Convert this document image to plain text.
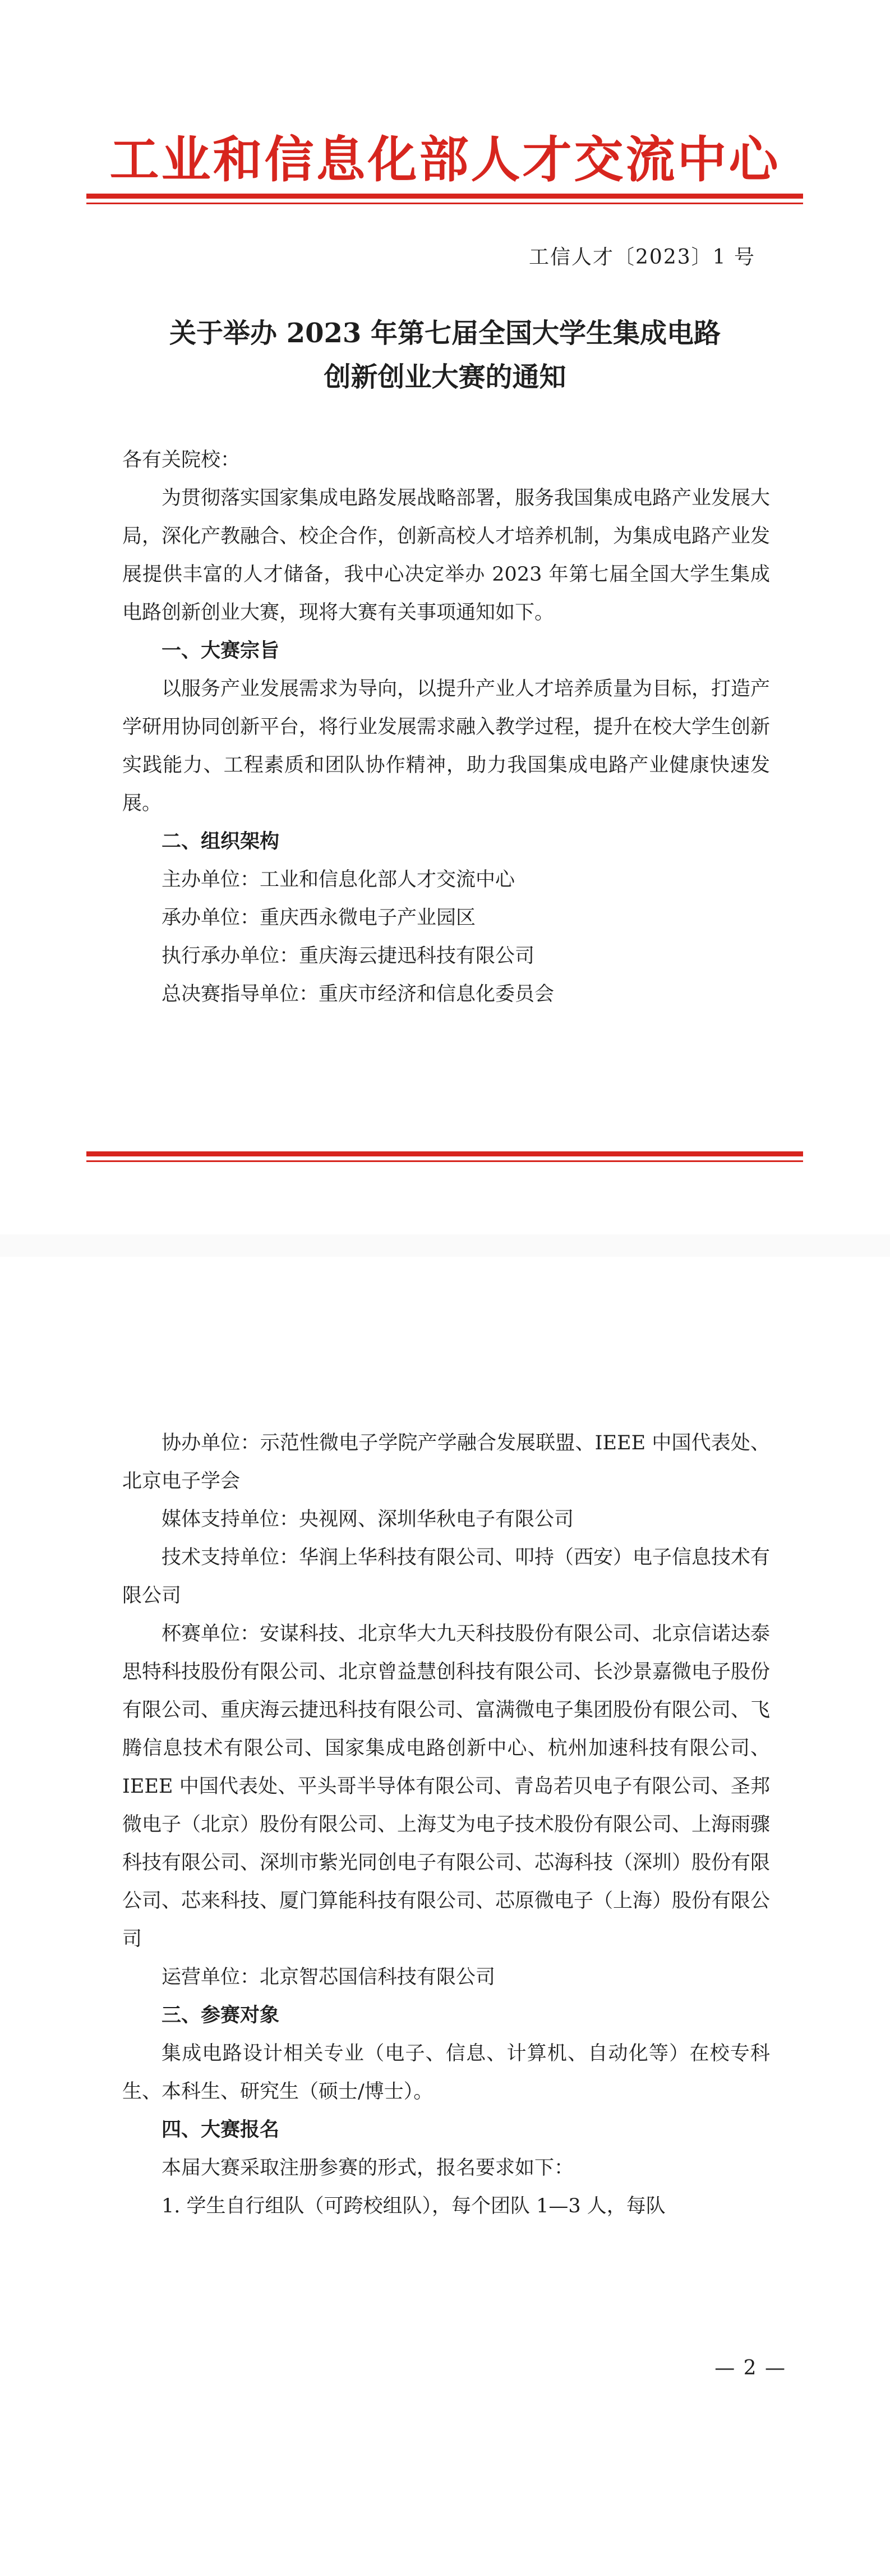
工业和信息化部人才交流中心
工信人才〔2023〕1 号
关于举办 2023 年第七届全国大学生集成电路
创新创业大赛的通知

各有关院校：

为贯彻落实国家集成电路发展战略部署，服务我国集成电路产业发展大局，深化产教融合、校企合作，创新高校人才培养机制，为集成电路产业发展提供丰富的人才储备，我中心决定举办 2023 年第七届全国大学生集成电路创新创业大赛，现将大赛有关事项通知如下。

一、大赛宗旨

以服务产业发展需求为导向，以提升产业人才培养质量为目标，打造产学研用协同创新平台，将行业发展需求融入教学过程，提升在校大学生创新实践能力、工程素质和团队协作精神，助力我国集成电路产业健康快速发展。

二、组织架构

主办单位：工业和信息化部人才交流中心

承办单位：重庆西永微电子产业园区

执行承办单位：重庆海云捷迅科技有限公司

总决赛指导单位：重庆市经济和信息化委员会

协办单位：示范性微电子学院产学融合发展联盟、IEEE 中国代表处、北京电子学会

媒体支持单位：央视网、深圳华秋电子有限公司

技术支持单位：华润上华科技有限公司、叩持（西安）电子信息技术有限公司

杯赛单位：安谋科技、北京华大九天科技股份有限公司、北京信诺达泰思特科技股份有限公司、北京曾益慧创科技有限公司、长沙景嘉微电子股份有限公司、重庆海云捷迅科技有限公司、富满微电子集团股份有限公司、飞腾信息技术有限公司、国家集成电路创新中心、杭州加速科技有限公司、IEEE 中国代表处、平头哥半导体有限公司、青岛若贝电子有限公司、圣邦微电子（北京）股份有限公司、上海艾为电子技术股份有限公司、上海雨骤科技有限公司、深圳市紫光同创电子有限公司、芯海科技（深圳）股份有限公司、芯来科技、厦门算能科技有限公司、芯原微电子（上海）股份有限公司

运营单位：北京智芯国信科技有限公司

三、参赛对象

集成电路设计相关专业（电子、信息、计算机、自动化等）在校专科生、本科生、研究生（硕士/博士）。

四、大赛报名

本届大赛采取注册参赛的形式，报名要求如下：

1. 学生自行组队（可跨校组队），每个团队 1—3 人，每队

— 2 —
